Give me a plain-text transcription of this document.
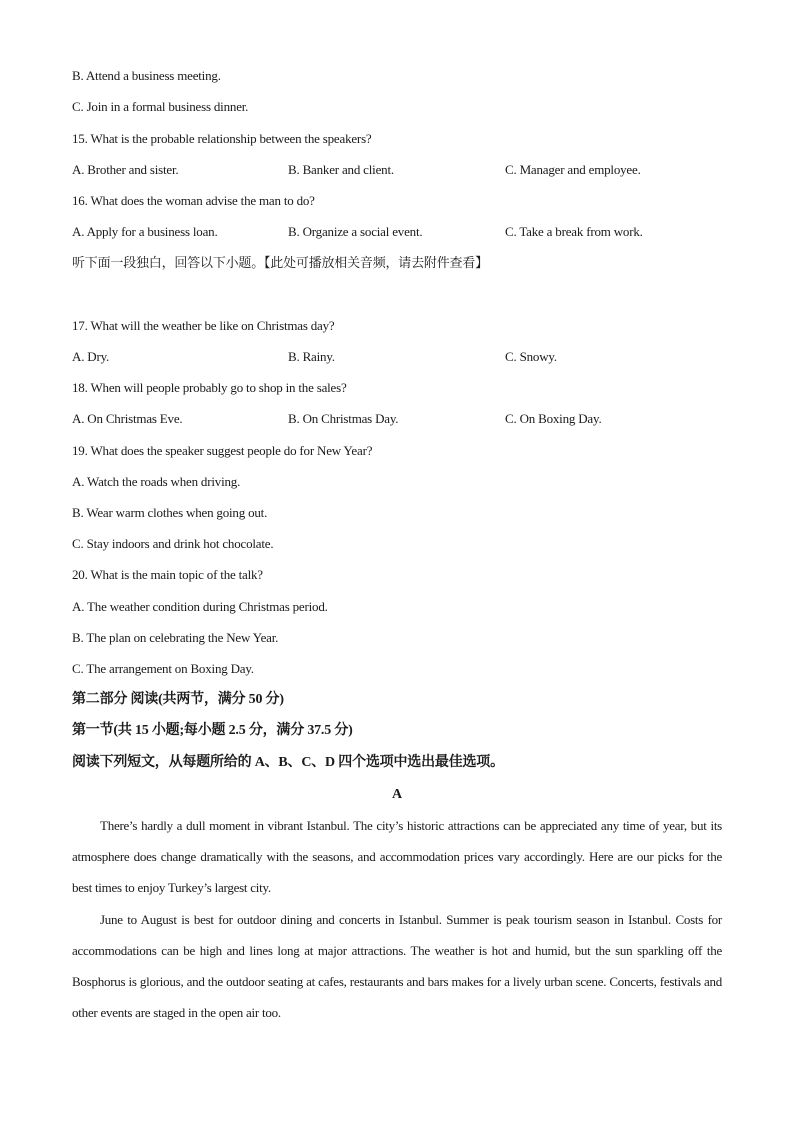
B. Attend a business meeting.
C. Join in a formal business dinner.
15. What is the probable relationship between the speakers?
A. Brother and sister.	B. Banker and client.	C. Manager and employee.
16. What does the woman advise the man to do?
A. Apply for a business loan.	B. Organize a social event.	C. Take a break from work.
听下面一段独白，回答以下小题。【此处可播放相关音频，请去附件查看】
17. What will the weather be like on Christmas day?
A. Dry.	B. Rainy.	C. Snowy.
18. When will people probably go to shop in the sales?
A. On Christmas Eve.	B. On Christmas Day.	C. On Boxing Day.
19. What does the speaker suggest people do for New Year?
A. Watch the roads when driving.
B. Wear warm clothes when going out.
C. Stay indoors and drink hot chocolate.
20. What is the main topic of the talk?
A. The weather condition during Christmas period.
B. The plan on celebrating the New Year.
C. The arrangement on Boxing Day.
第二部分 阅读(共两节，满分 50 分)
第一节(共 15 小题;每小题 2.5 分，满分 37.5 分)
阅读下列短文，从每题所给的 A、B、C、D 四个选项中选出最佳选项。
A
There’s hardly a dull moment in vibrant Istanbul. The city’s historic attractions can be appreciated any time of year, but its atmosphere does change dramatically with the seasons, and accommodation prices vary accordingly. Here are our picks for the best times to enjoy Turkey’s largest city.
June to August is best for outdoor dining and concerts in Istanbul. Summer is peak tourism season in Istanbul. Costs for accommodations can be high and lines long at major attractions. The weather is hot and humid, but the sun sparkling off the Bosphorus is glorious, and the outdoor seating at cafes, restaurants and bars makes for a lively urban scene. Concerts, festivals and other events are staged in the open air too.
